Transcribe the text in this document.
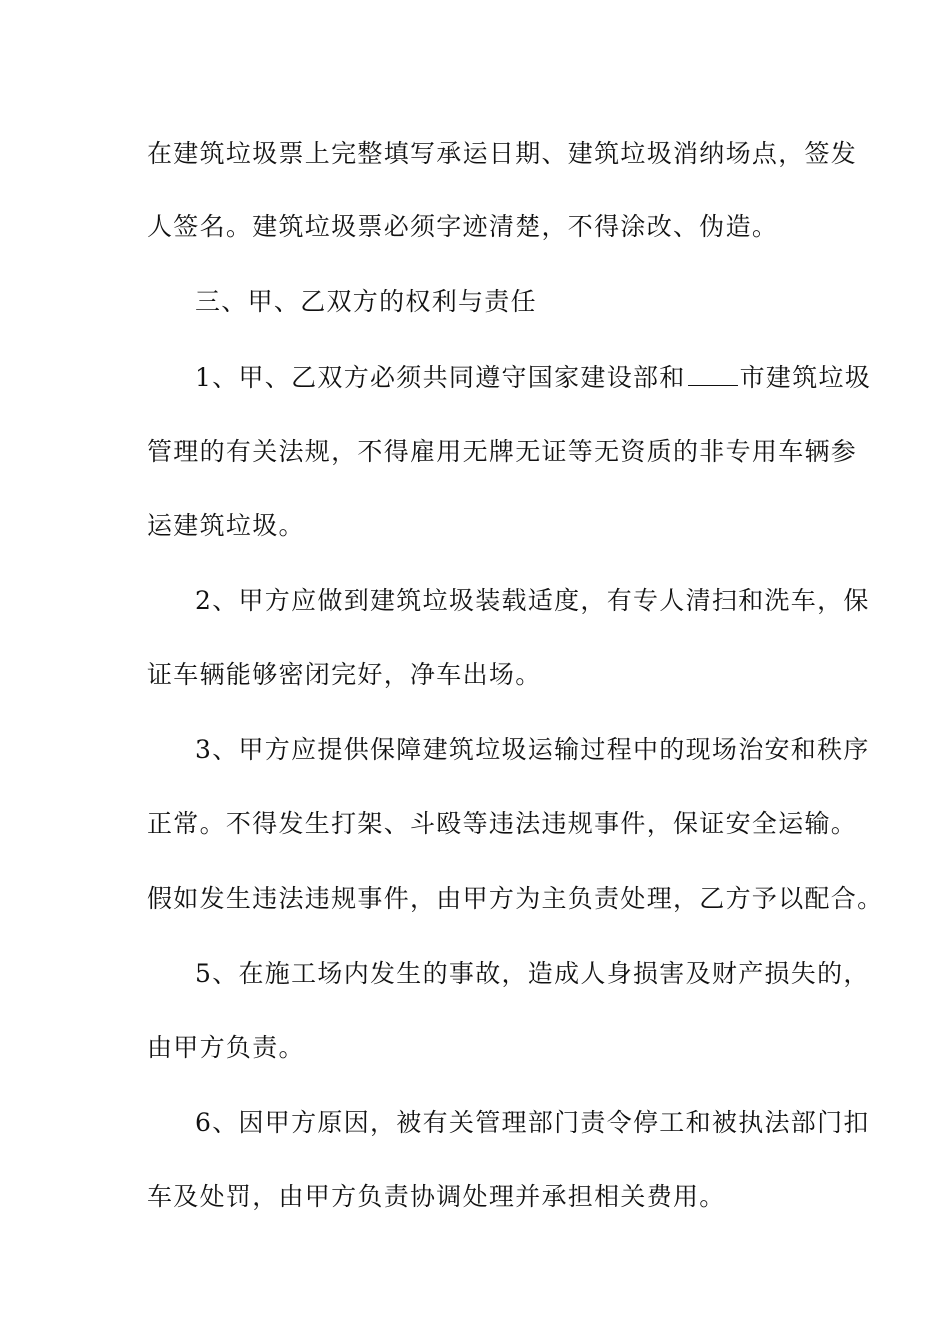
在建筑垃圾票上完整填写承运日期、建筑垃圾消纳场点，签发
人签名。建筑垃圾票必须字迹清楚，不得涂改、伪造。
三、甲、乙双方的权利与责任
1、甲、乙双方必须共同遵守国家建设部和 市建筑垃圾
管理的有关法规，不得雇用无牌无证等无资质的非专用车辆参
运建筑垃圾。
2、甲方应做到建筑垃圾装载适度，有专人清扫和洗车，保
证车辆能够密闭完好，净车出场。
3、甲方应提供保障建筑垃圾运输过程中的现场治安和秩序
正常。不得发生打架、斗殴等违法违规事件，保证安全运输。
假如发生违法违规事件，由甲方为主负责处理，乙方予以配合。
5、在施工场内发生的事故，造成人身损害及财产损失的，
由甲方负责。
6、因甲方原因，被有关管理部门责令停工和被执法部门扣
车及处罚，由甲方负责协调处理并承担相关费用。
